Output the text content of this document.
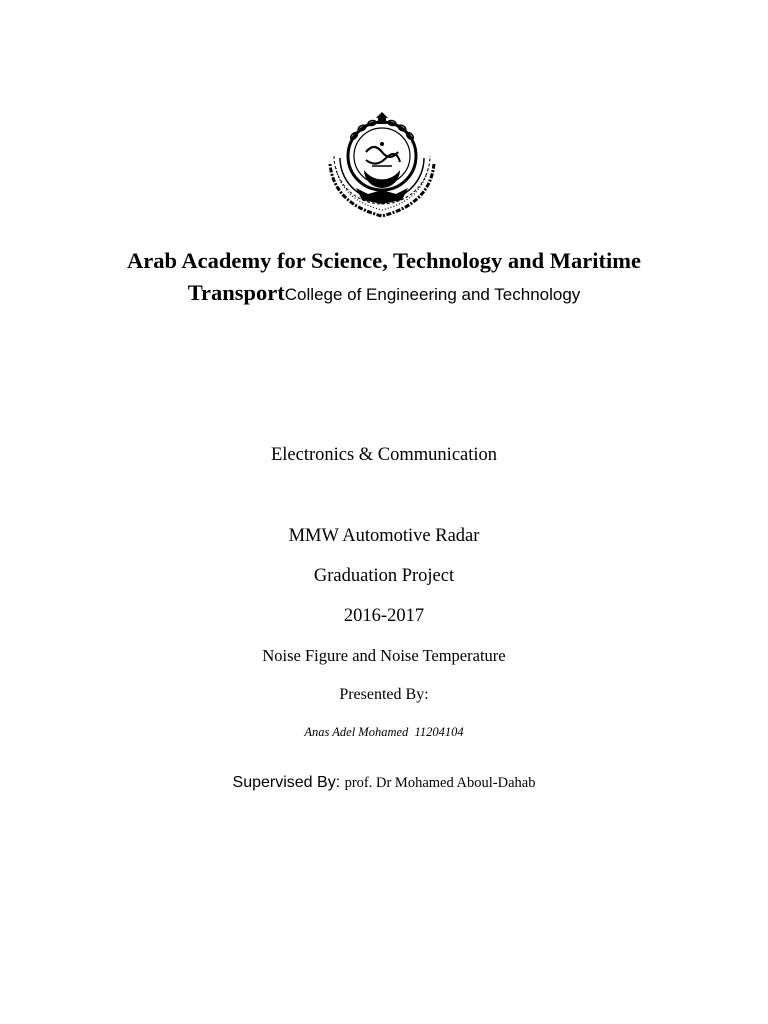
Arab Academy for Science, Technology and Maritime
TransportCollege of Engineering and Technology
Electronics & Communication
MMW Automotive Radar
Graduation Project
2016-2017
Noise Figure and Noise Temperature
Presented By:
Anas Adel Mohamed  11204104
Supervised By: prof. Dr Mohamed Aboul-Dahab
